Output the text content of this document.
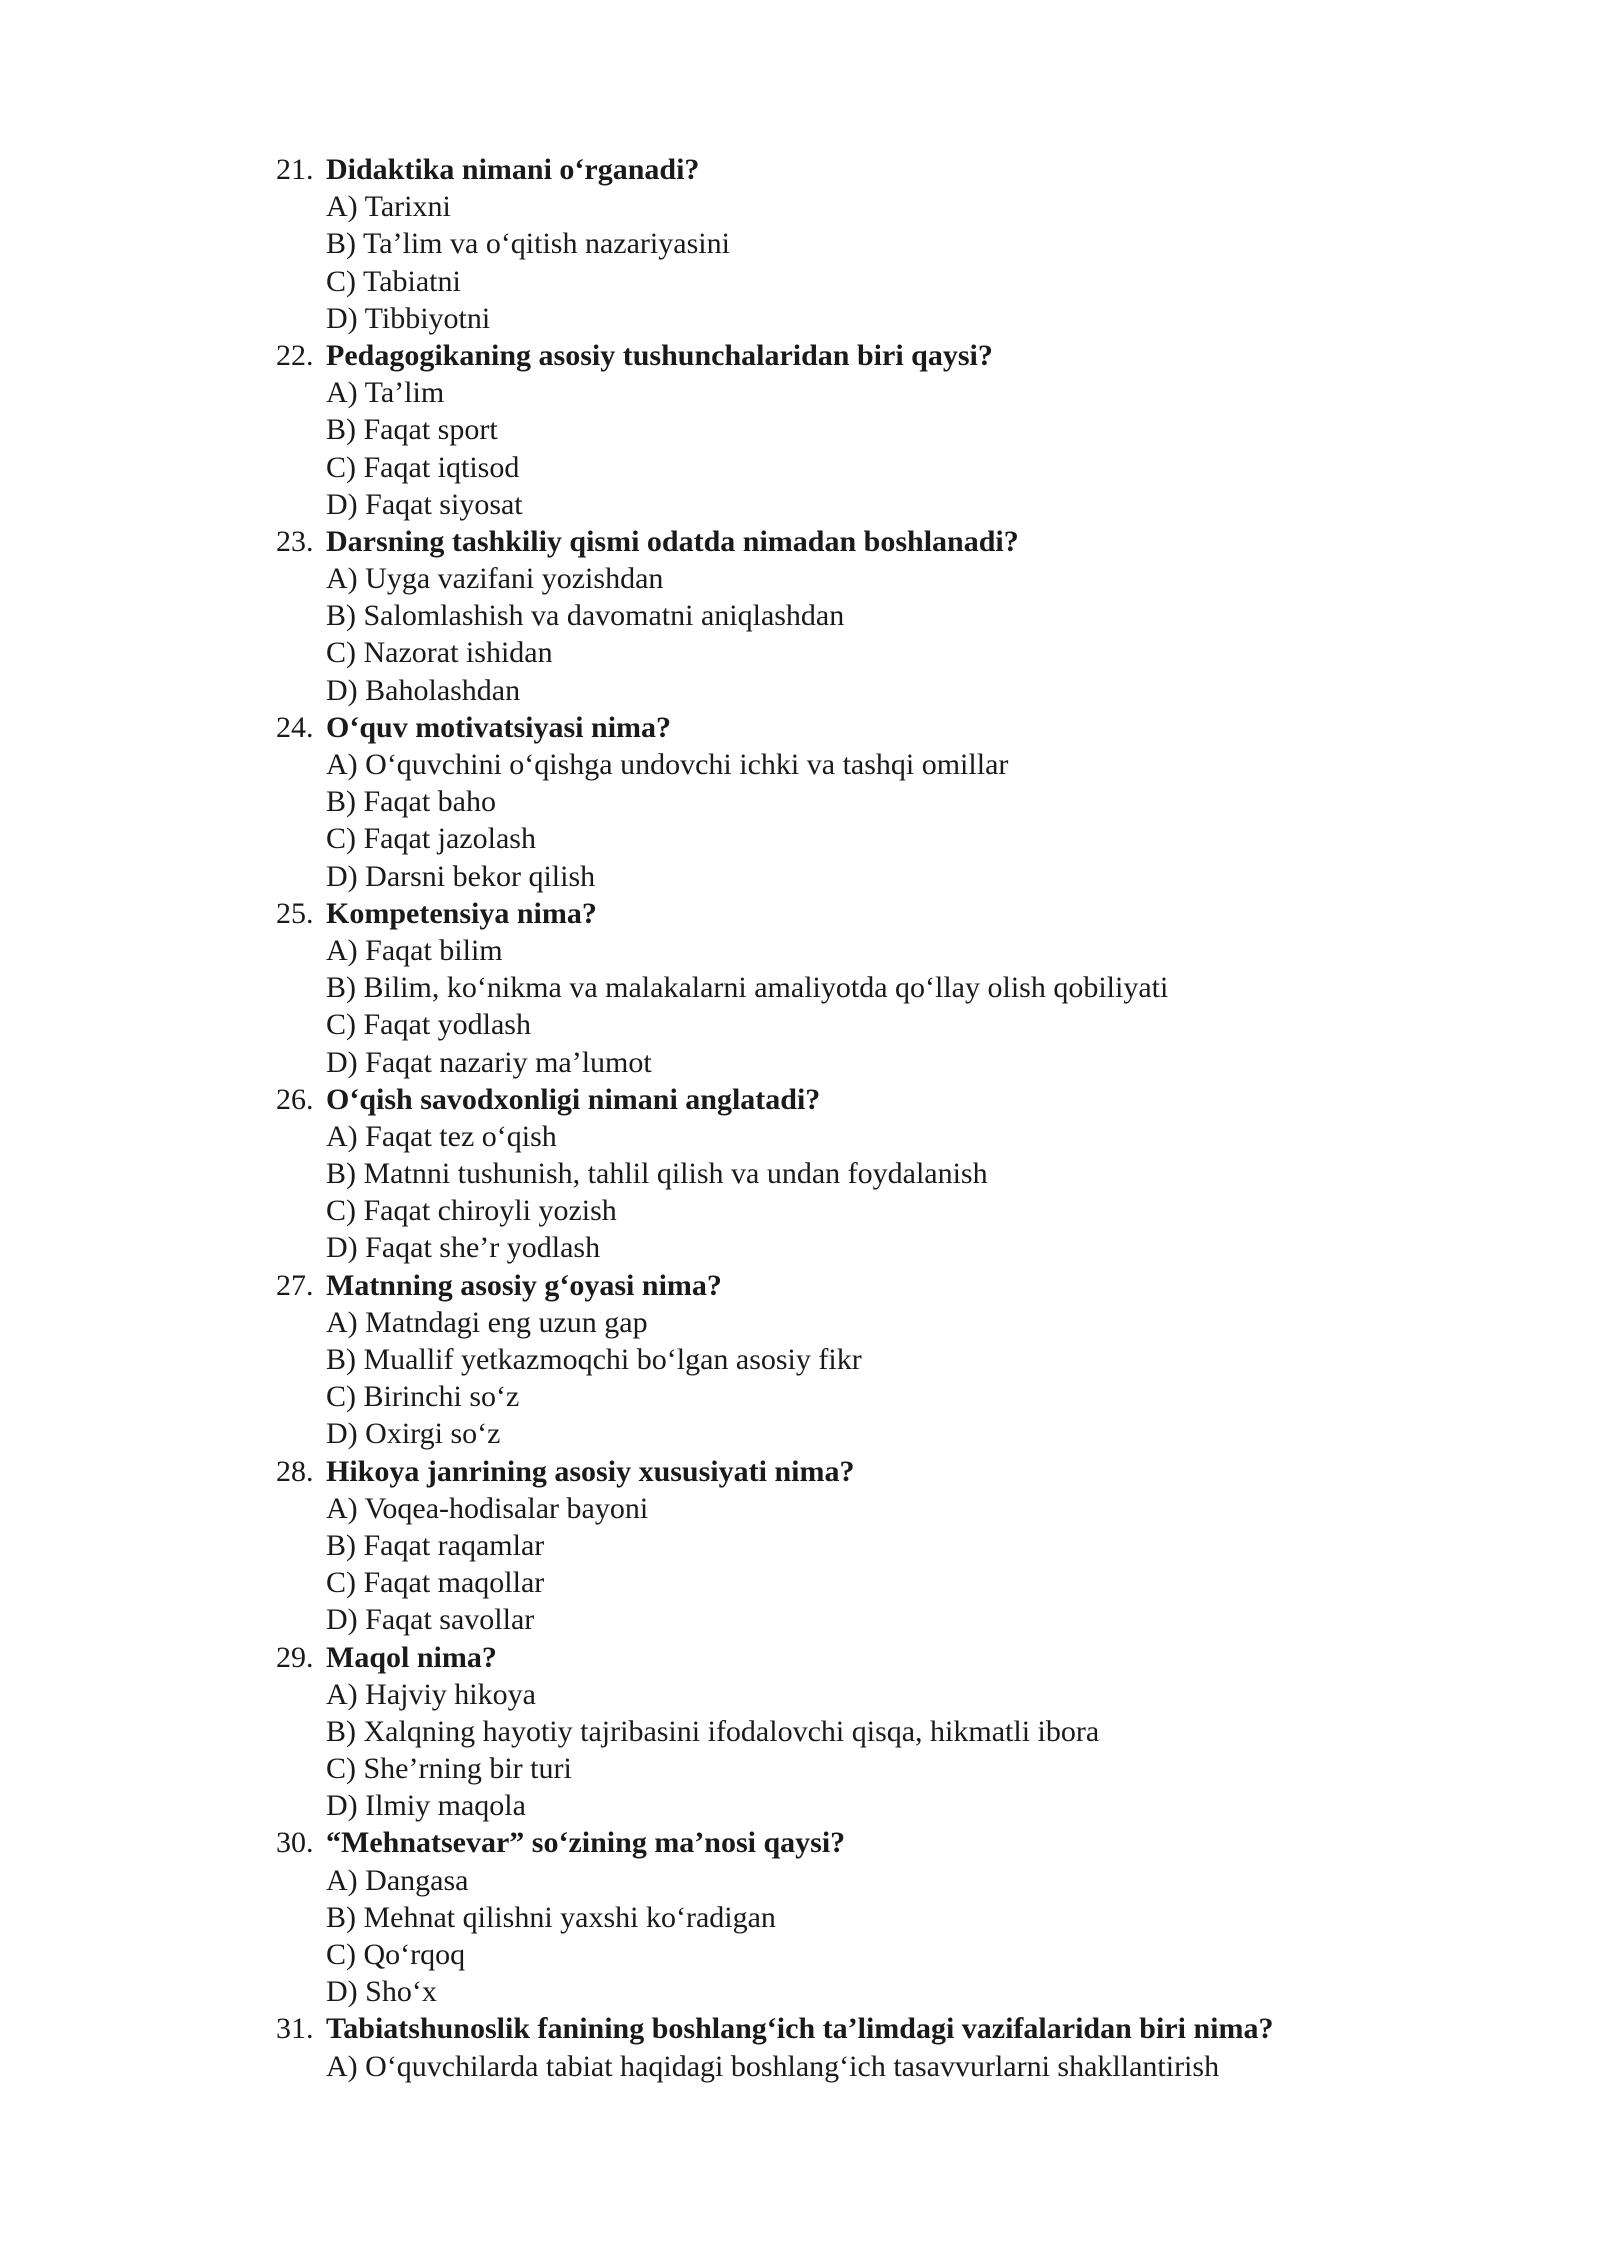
21. Didaktika nimani o‘rganadi?
A) Tarixni
B) Ta’lim va o‘qitish nazariyasini
C) Tabiatni
D) Tibbiyotni
22. Pedagogikaning asosiy tushunchalaridan biri qaysi?
A) Ta’lim
B) Faqat sport
C) Faqat iqtisod
D) Faqat siyosat
23. Darsning tashkiliy qismi odatda nimadan boshlanadi?
A) Uyga vazifani yozishdan
B) Salomlashish va davomatni aniqlashdan
C) Nazorat ishidan
D) Baholashdan
24. O‘quv motivatsiyasi nima?
A) O‘quvchini o‘qishga undovchi ichki va tashqi omillar
B) Faqat baho
C) Faqat jazolash
D) Darsni bekor qilish
25. Kompetensiya nima?
A) Faqat bilim
B) Bilim, ko‘nikma va malakalarni amaliyotda qo‘llay olish qobiliyati
C) Faqat yodlash
D) Faqat nazariy ma’lumot
26. O‘qish savodxonligi nimani anglatadi?
A) Faqat tez o‘qish
B) Matnni tushunish, tahlil qilish va undan foydalanish
C) Faqat chiroyli yozish
D) Faqat she’r yodlash
27. Matnning asosiy g‘oyasi nima?
A) Matndagi eng uzun gap
B) Muallif yetkazmoqchi bo‘lgan asosiy fikr
C) Birinchi so‘z
D) Oxirgi so‘z
28. Hikoya janrining asosiy xususiyati nima?
A) Voqea-hodisalar bayoni
B) Faqat raqamlar
C) Faqat maqollar
D) Faqat savollar
29. Maqol nima?
A) Hajviy hikoya
B) Xalqning hayotiy tajribasini ifodalovchi qisqa, hikmatli ibora
C) She’rning bir turi
D) Ilmiy maqola
30. “Mehnatsevar” so‘zining ma’nosi qaysi?
A) Dangasa
B) Mehnat qilishni yaxshi ko‘radigan
C) Qo‘rqoq
D) Sho‘x
31. Tabiatshunoslik fanining boshlang‘ich ta’limdagi vazifalaridan biri nima?
A) O‘quvchilarda tabiat haqidagi boshlang‘ich tasavvurlarni shakllantirish
